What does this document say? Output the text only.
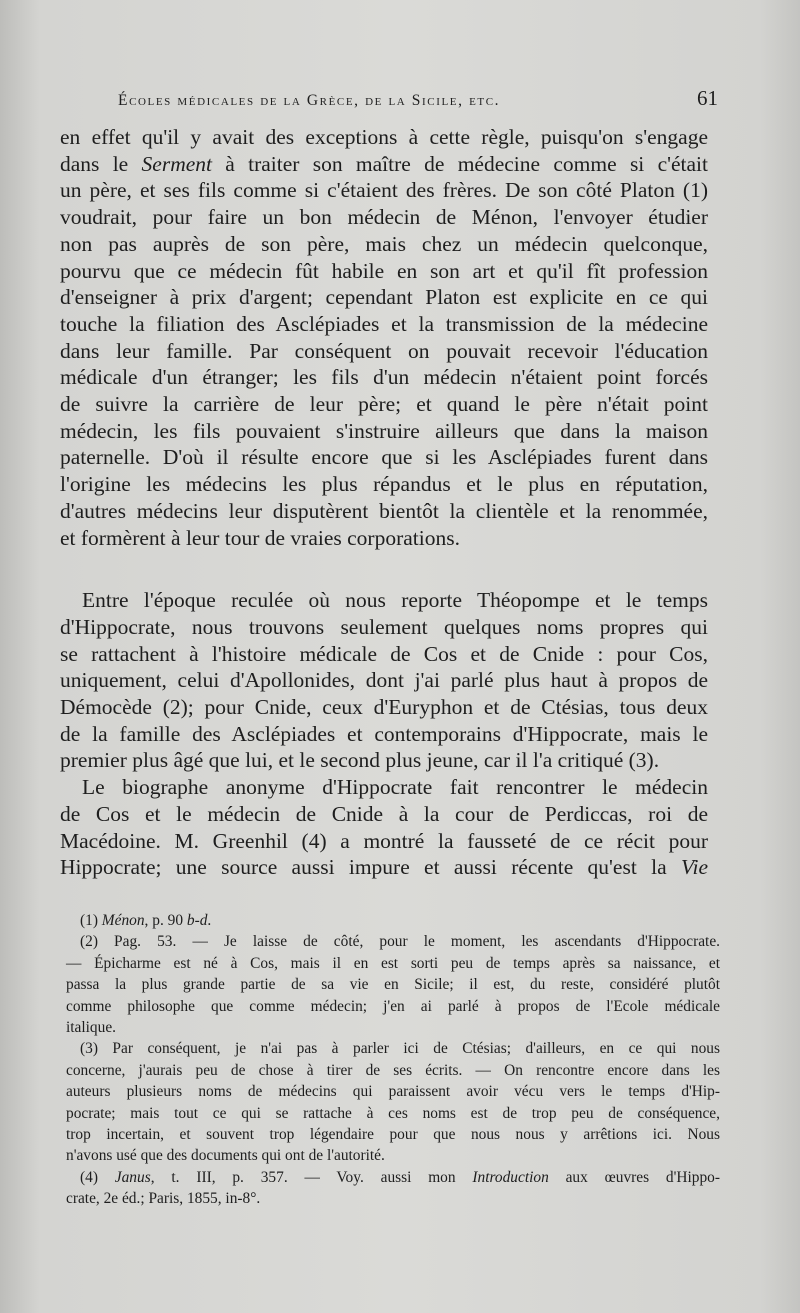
Écoles médicales de la Grèce, de la Sicile, etc.	61

en effet qu'il y avait des exceptions à cette règle, puisqu'on s'engage
dans le Serment à traiter son maître de médecine comme si c'était
un père, et ses fils comme si c'étaient des frères. De son côté Platon (1)
voudrait, pour faire un bon médecin de Ménon, l'envoyer étudier
non pas auprès de son père, mais chez un médecin quelconque,
pourvu que ce médecin fût habile en son art et qu'il fît profession
d'enseigner à prix d'argent; cependant Platon est explicite en ce qui
touche la filiation des Asclépiades et la transmission de la médecine
dans leur famille. Par conséquent on pouvait recevoir l'éducation
médicale d'un étranger; les fils d'un médecin n'étaient point forcés
de suivre la carrière de leur père; et quand le père n'était point
médecin, les fils pouvaient s'instruire ailleurs que dans la maison
paternelle. D'où il résulte encore que si les Asclépiades furent dans
l'origine les médecins les plus répandus et le plus en réputation,
d'autres médecins leur disputèrent bientôt la clientèle et la renommée,
et formèrent à leur tour de vraies corporations.

Entre l'époque reculée où nous reporte Théopompe et le temps
d'Hippocrate, nous trouvons seulement quelques noms propres qui
se rattachent à l'histoire médicale de Cos et de Cnide : pour Cos,
uniquement, celui d'Apollonides, dont j'ai parlé plus haut à propos de
Démocède (2); pour Cnide, ceux d'Euryphon et de Ctésias, tous deux
de la famille des Asclépiades et contemporains d'Hippocrate, mais le
premier plus âgé que lui, et le second plus jeune, car il l'a critiqué (3).

Le biographe anonyme d'Hippocrate fait rencontrer le médecin
de Cos et le médecin de Cnide à la cour de Perdiccas, roi de
Macédoine. M. Greenhil (4) a montré la fausseté de ce récit pour
Hippocrate; une source aussi impure et aussi récente qu'est la Vie

(1) Ménon, p. 90 b-d.
(2) Pag. 53. — Je laisse de côté, pour le moment, les ascendants d'Hippocrate.
— Épicharme est né à Cos, mais il en est sorti peu de temps après sa naissance, et
passa la plus grande partie de sa vie en Sicile; il est, du reste, considéré plutôt
comme philosophe que comme médecin; j'en ai parlé à propos de l'Ecole médicale
italique.
(3) Par conséquent, je n'ai pas à parler ici de Ctésias; d'ailleurs, en ce qui nous
concerne, j'aurais peu de chose à tirer de ses écrits. — On rencontre encore dans les
auteurs plusieurs noms de médecins qui paraissent avoir vécu vers le temps d'Hip-
pocrate; mais tout ce qui se rattache à ces noms est de trop peu de conséquence,
trop incertain, et souvent trop légendaire pour que nous nous y arrêtions ici. Nous
n'avons usé que des documents qui ont de l'autorité.
(4) Janus, t. III, p. 357. — Voy. aussi mon Introduction aux œuvres d'Hippo-
crate, 2e éd.; Paris, 1855, in-8°.
